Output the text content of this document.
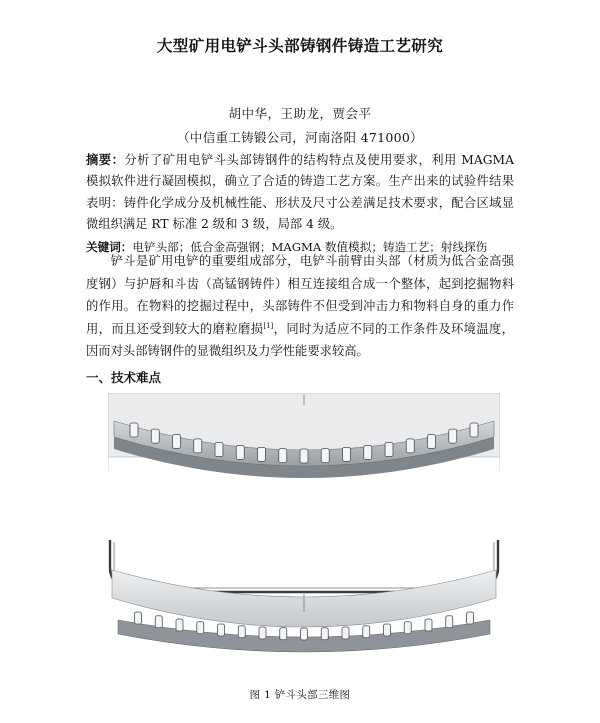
大型矿用电铲斗头部铸钢件铸造工艺研究
胡中华，王助龙，贾会平
（中信重工铸锻公司，河南洛阳 471000）
摘要：分析了矿用电铲斗头部铸钢件的结构特点及使用要求，利用 MAGMA 模拟软件进行凝固模拟，确立了合适的铸造工艺方案。生产出来的试验件结果表明：铸件化学成分及机械性能、形状及尺寸公差满足技术要求，配合区域显微组织满足 RT 标准 2 级和 3 级，局部 4 级。
关键词：电铲头部；低合金高强钢；MAGMA 数值模拟；铸造工艺；射线探伤
铲斗是矿用电铲的重要组成部分，电铲斗前臂由头部（材质为低合金高强度钢）与护唇和斗齿（高锰钢铸件）相互连接组合成一个整体，起到挖掘物料的作用。在物料的挖掘过程中，头部铸件不但受到冲击力和物料自身的重力作用，而且还受到较大的磨粒磨损[1]，同时为适应不同的工作条件及环境温度，因而对头部铸钢件的显微组织及力学性能要求较高。
一、技术难点
图 1 铲斗头部三维图
